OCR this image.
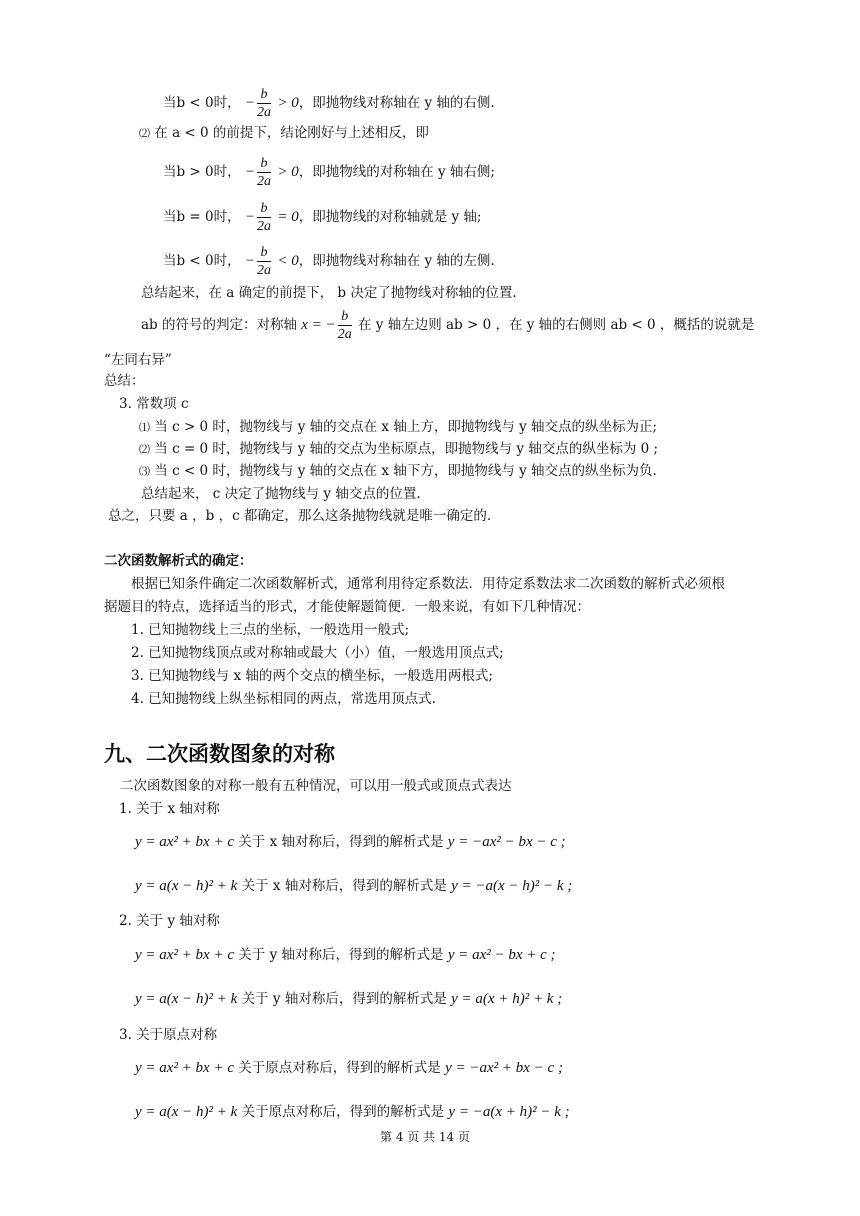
当b < 0时， − $\frac{b}{2a} > 0$，即抛物线对称轴在 y 轴的右侧.
⑵ 在 a < 0 的前提下，结论刚好与上述相反，即
当b > 0时， − $\frac{b}{2a} > 0$，即抛物线的对称轴在 y 轴右侧;
当b = 0时， − $\frac{b}{2a} = 0$，即抛物线的对称轴就是 y 轴;
当b < 0时， − $\frac{b}{2a} < 0$，即抛物线对称轴在 y 轴的左侧.
总结起来，在 a 确定的前提下， b 决定了抛物线对称轴的位置.
ab 的符号的判定：对称轴 x = − $\frac{b}{2a}$ 在 y 轴左边则 ab > 0 ，在 y 轴的右侧则 ab < 0 ，概括的说就是
“左同右异”
总结：
3. 常数项 c
⑴ 当 c > 0 时，抛物线与 y 轴的交点在 x 轴上方，即抛物线与 y 轴交点的纵坐标为正;
⑵ 当 c = 0 时，抛物线与 y 轴的交点为坐标原点，即抛物线与 y 轴交点的纵坐标为 0 ;
⑶ 当 c < 0 时，抛物线与 y 轴的交点在 x 轴下方，即抛物线与 y 轴交点的纵坐标为负.
总结起来， c 决定了抛物线与 y 轴交点的位置.
总之，只要 a ，b ，c 都确定，那么这条抛物线就是唯一确定的.
二次函数解析式的确定：
根据已知条件确定二次函数解析式，通常利用待定系数法．用待定系数法求二次函数的解析式必须根
据题目的特点，选择适当的形式，才能使解题简便．一般来说，有如下几种情况：
1. 已知抛物线上三点的坐标，一般选用一般式;
2. 已知抛物线顶点或对称轴或最大（小）值，一般选用顶点式;
3. 已知抛物线与 x 轴的两个交点的横坐标，一般选用两根式;
4. 已知抛物线上纵坐标相同的两点，常选用顶点式.
九、二次函数图象的对称
二次函数图象的对称一般有五种情况，可以用一般式或顶点式表达
1. 关于 x 轴对称
y = ax² + bx + c 关于 x 轴对称后，得到的解析式是 y = −ax² − bx − c ;
y = a(x − h)² + k 关于 x 轴对称后，得到的解析式是 y = −a(x − h)² − k ;
2. 关于 y 轴对称
y = ax² + bx + c 关于 y 轴对称后，得到的解析式是 y = ax² − bx + c ;
y = a(x − h)² + k 关于 y 轴对称后，得到的解析式是 y = a(x + h)² + k ;
3. 关于原点对称
y = ax² + bx + c 关于原点对称后，得到的解析式是 y = −ax² + bx − c ;
y = a(x − h)² + k 关于原点对称后，得到的解析式是 y = −a(x + h)² − k ;
第 4 页 共 14 页
